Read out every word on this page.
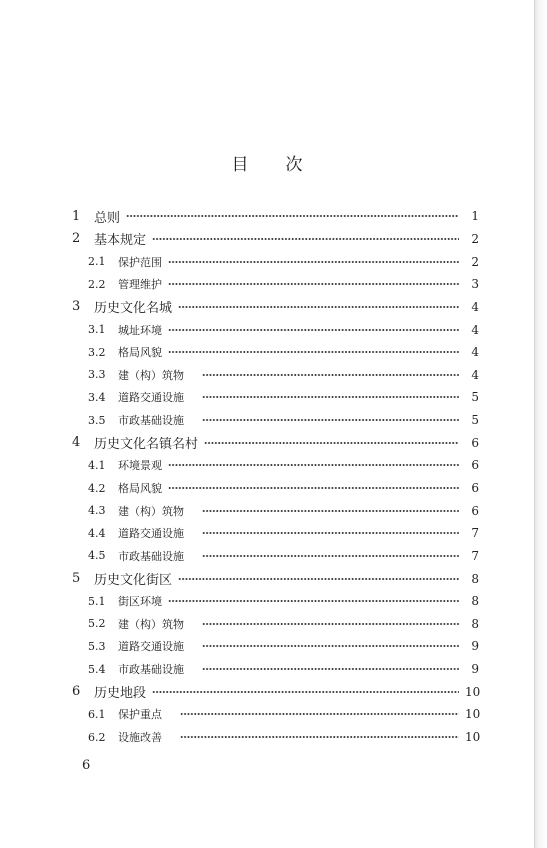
目　　次
1	总则	1
2	基本规定	2
2.1	保护范围	2
2.2	管理维护	3
3	历史文化名城	4
3.1	城址环境	4
3.2	格局风貌	4
3.3	建（构）筑物	4
3.4	道路交通设施	5
3.5	市政基础设施	5
4	历史文化名镇名村	6
4.1	环境景观	6
4.2	格局风貌	6
4.3	建（构）筑物	6
4.4	道路交通设施	7
4.5	市政基础设施	7
5	历史文化街区	8
5.1	街区环境	8
5.2	建（构）筑物	8
5.3	道路交通设施	9
5.4	市政基础设施	9
6	历史地段	10
6.1	保护重点	10
6.2	设施改善	10
6
